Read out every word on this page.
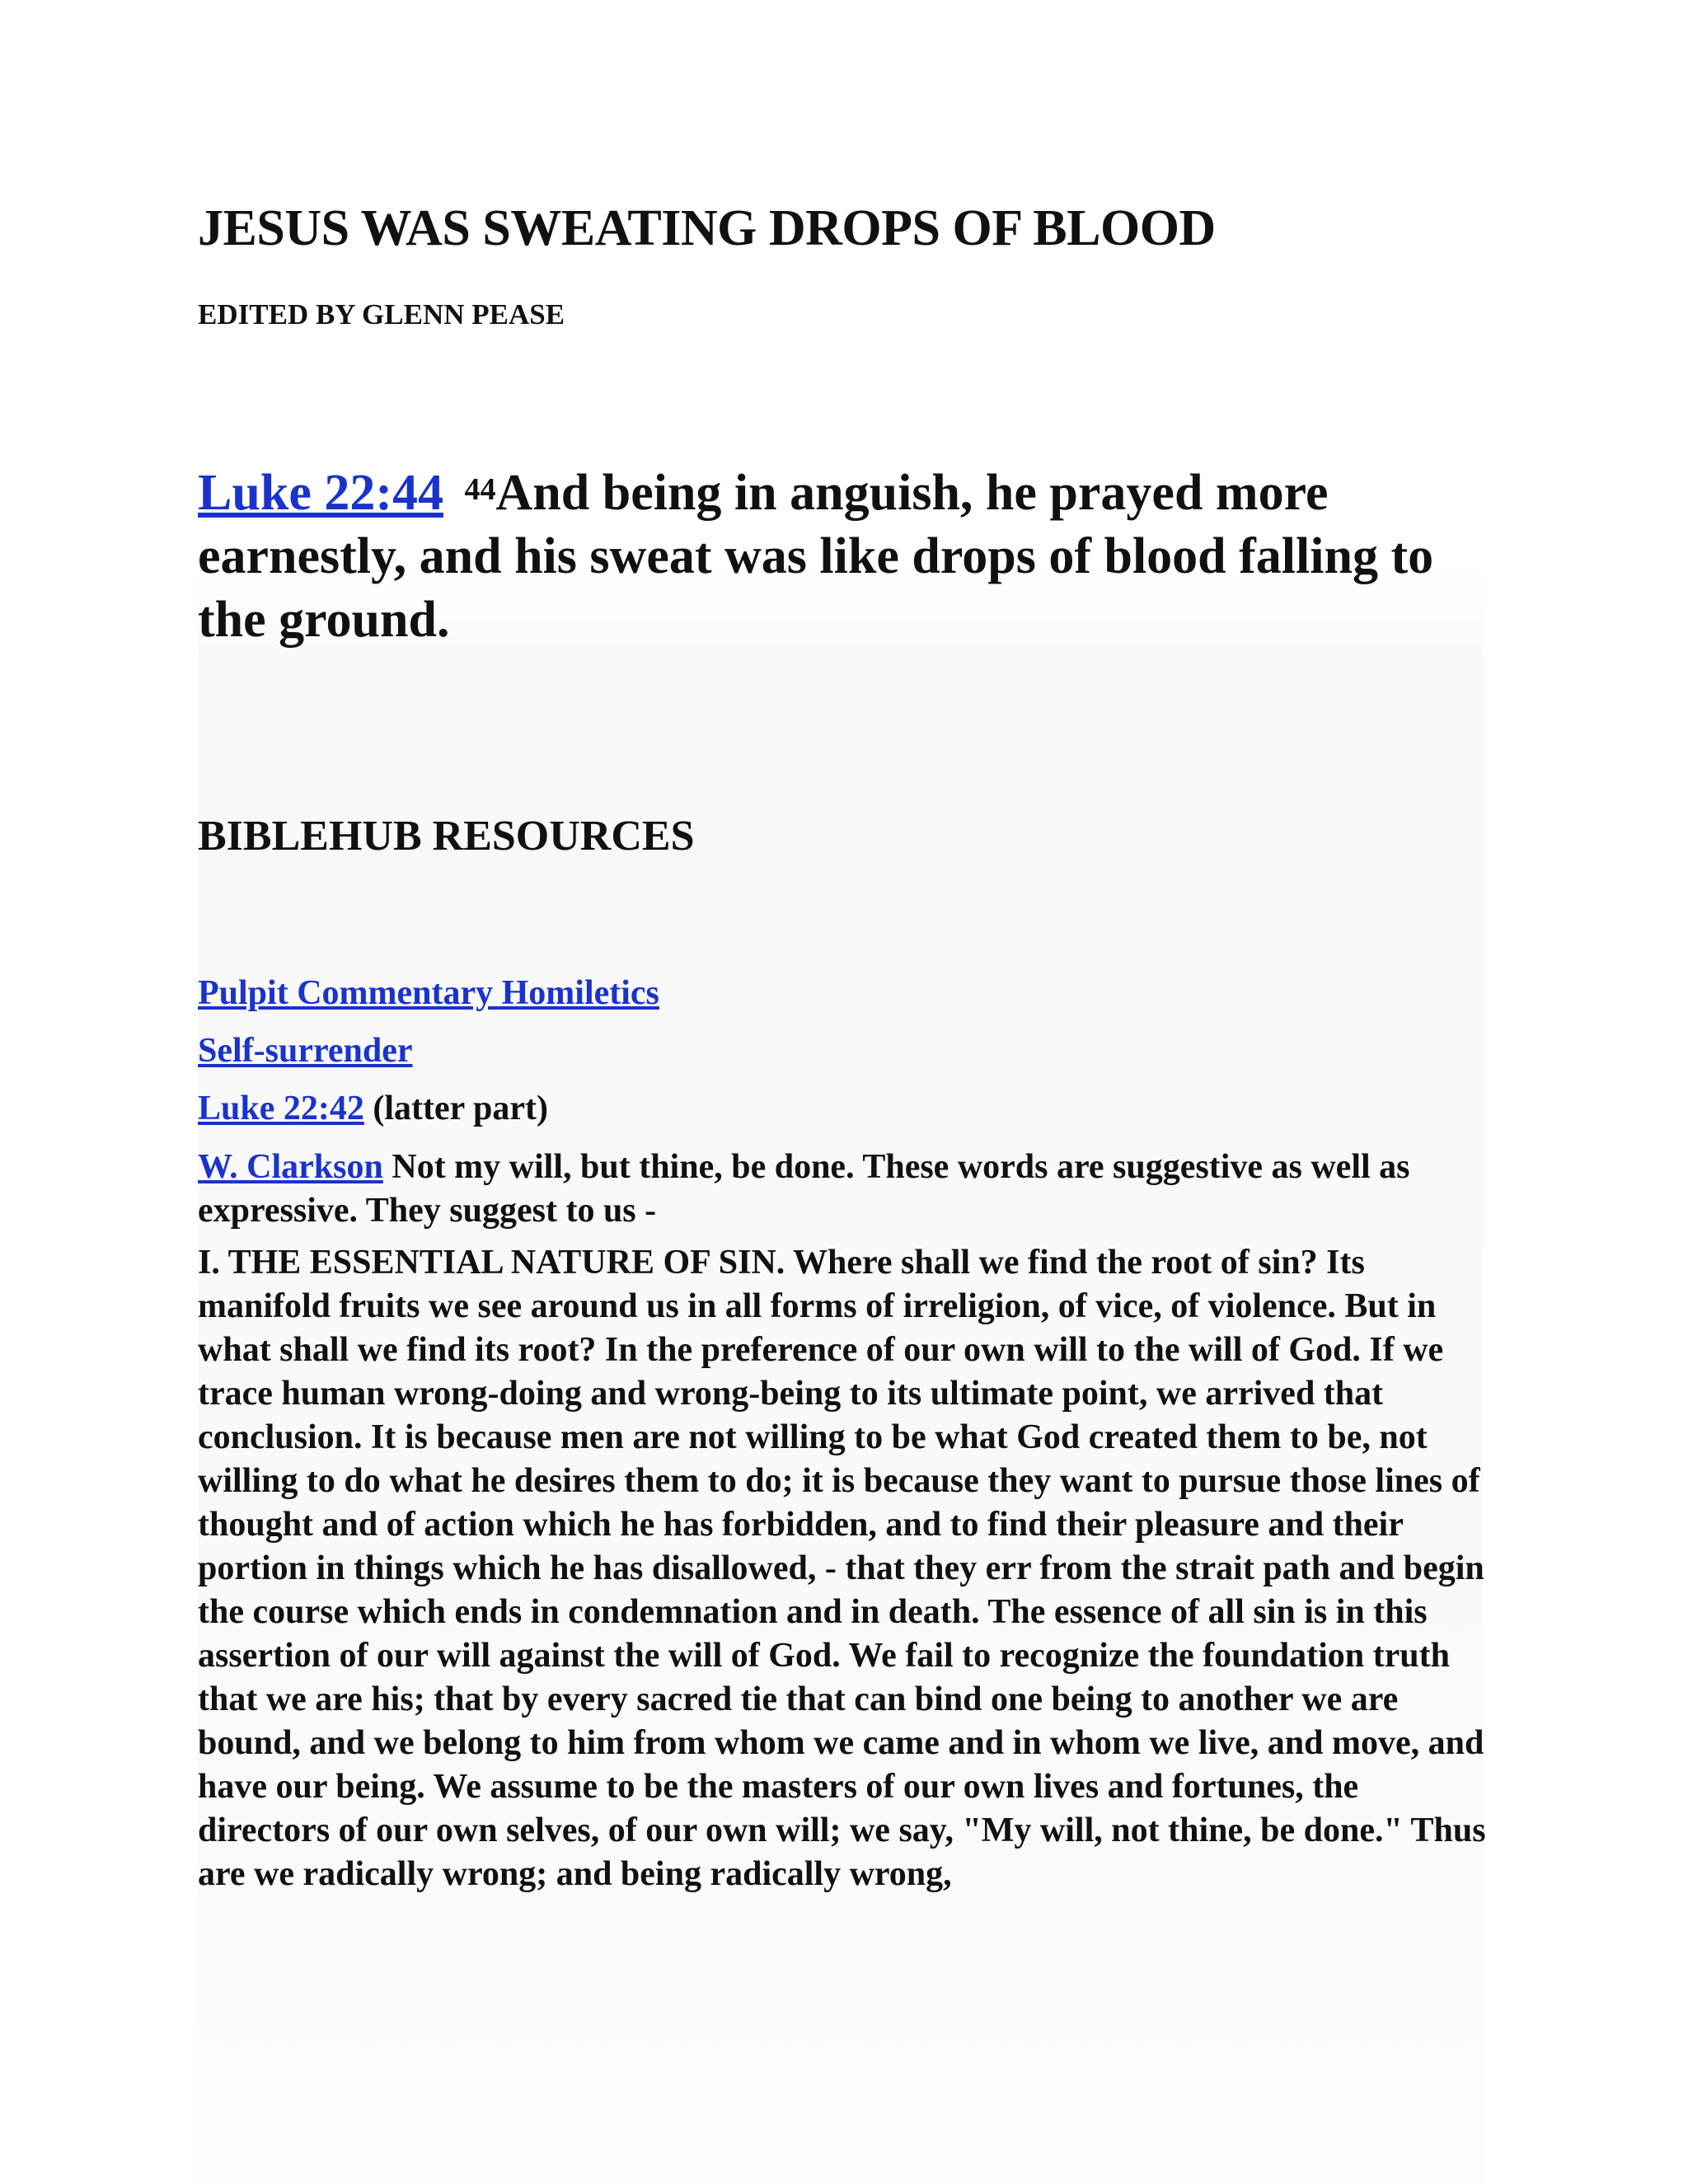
JESUS WAS SWEATING DROPS OF BLOOD
EDITED BY GLENN PEASE
Luke 22:44 $^{44}$And being in anguish, he prayed more earnestly, and his sweat was like drops of blood falling to the ground.
BIBLEHUB RESOURCES
Pulpit Commentary Homiletics
Self-surrender
Luke 22:42 (latter part)

W. Clarkson Not my will, but thine, be done. These words are suggestive as well as expressive. They suggest to us -

I. THE ESSENTIAL NATURE OF SIN. Where shall we find the root of sin? Its manifold fruits we see around us in all forms of irreligion, of vice, of violence. But in what shall we find its root? In the preference of our own will to the will of God. If we trace human wrong-doing and wrong-being to its ultimate point, we arrived that conclusion. It is because men are not willing to be what God created them to be, not willing to do what he desires them to do; it is because they want to pursue those lines of thought and of action which he has forbidden, and to find their pleasure and their portion in things which he has disallowed, - that they err from the strait path and begin the course which ends in condemnation and in death. The essence of all sin is in this assertion of our will against the will of God. We fail to recognize the foundation truth that we are his; that by every sacred tie that can bind one being to another we are bound, and we belong to him from whom we came and in whom we live, and move, and have our being. We assume to be the masters of our own lives and fortunes, the directors of our own selves, of our own will; we say, "My will, not thine, be done." Thus are we radically wrong; and being radically wrong,
